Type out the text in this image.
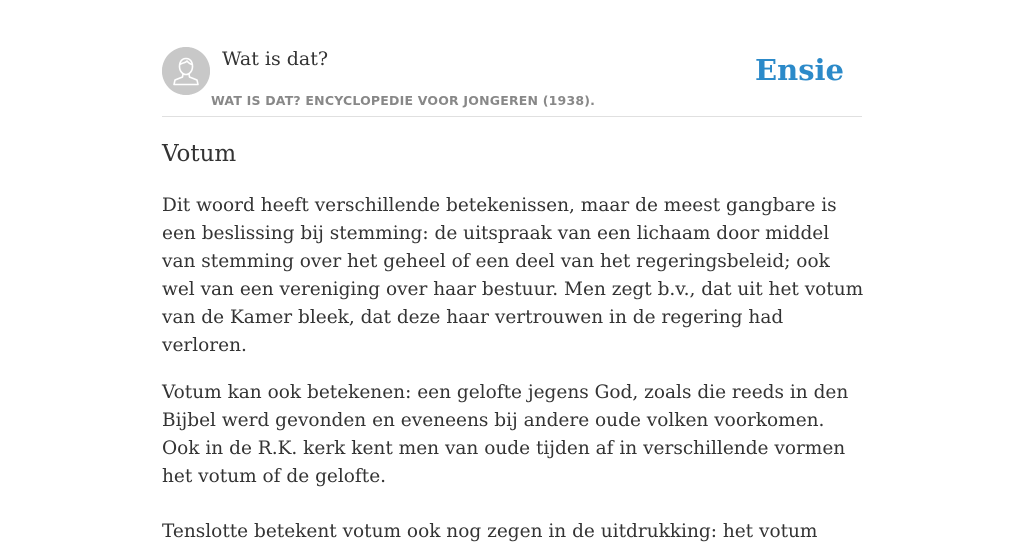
Wat is dat?
WAT IS DAT? ENCYCLOPEDIE VOOR JONGEREN (1938).
Ensie
Votum

Dit woord heeft verschillende betekenissen, maar de meest gangbare is een beslissing bij stemming: de uitspraak van een lichaam door middel van stemming over het geheel of een deel van het regeringsbeleid; ook wel van een vereniging over haar bestuur. Men zegt b.v., dat uit het votum van de Kamer bleek, dat deze haar vertrouwen in de regering had verloren.

Votum kan ook betekenen: een gelofte jegens God, zoals die reeds in den Bijbel werd gevonden en eveneens bij andere oude volken voorkomen. Ook in de R.K. kerk kent men van oude tijden af in verschillende vormen het votum of de gelofte.

Tenslotte betekent votum ook nog zegen in de uitdrukking: het votum
